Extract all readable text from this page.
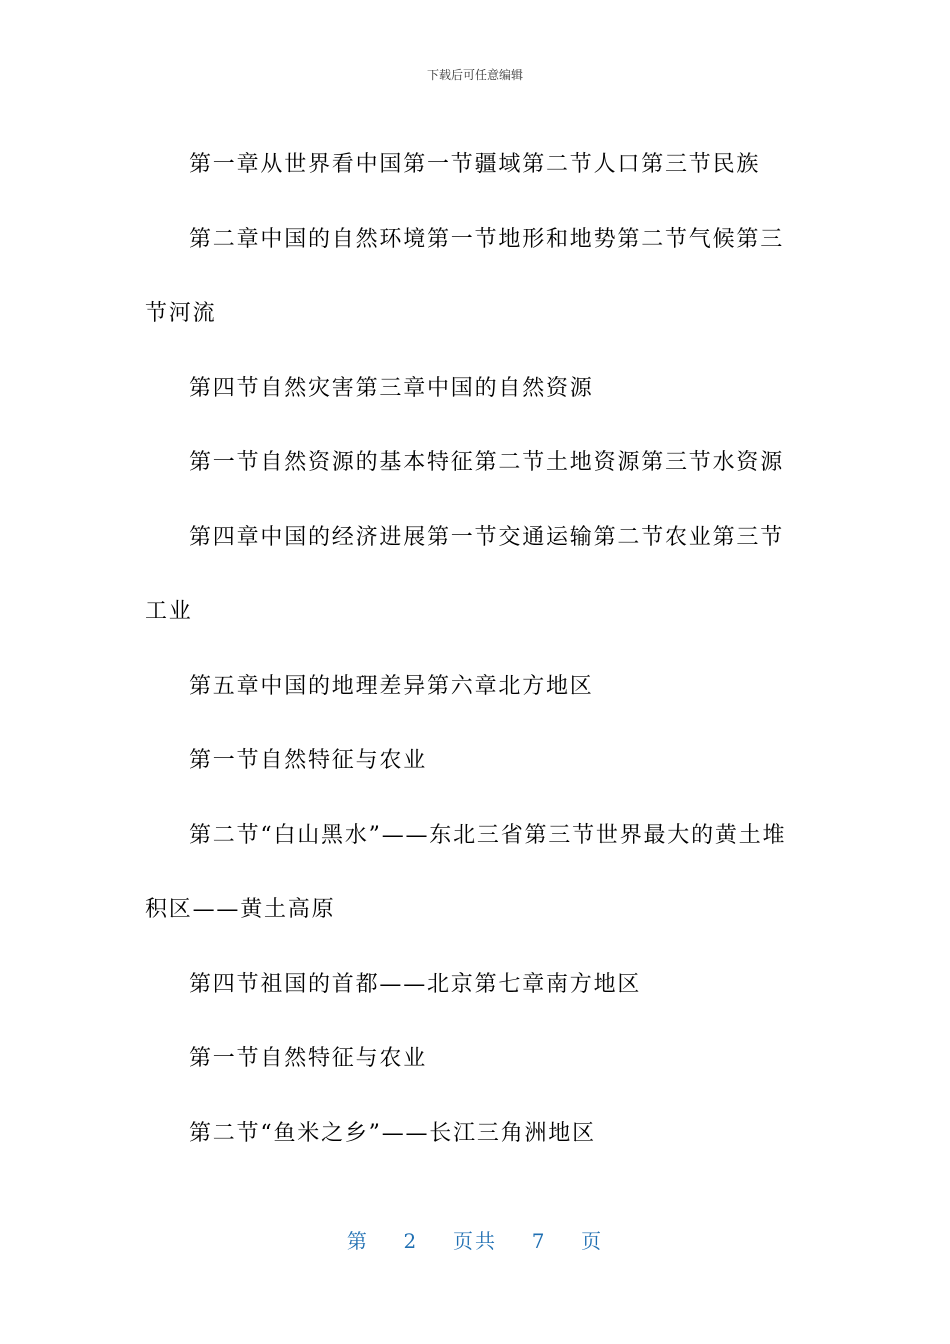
下载后可任意编辑

第一章从世界看中国第一节疆域第二节人口第三节民族

第二章中国的自然环境第一节地形和地势第二节气候第三节河流

第四节自然灾害第三章中国的自然资源

第一节自然资源的基本特征第二节土地资源第三节水资源

第四章中国的经济进展第一节交通运输第二节农业第三节工业

第五章中国的地理差异第六章北方地区

第一节自然特征与农业

第二节“白山黑水”——东北三省第三节世界最大的黄土堆积区——黄土高原

第四节祖国的首都——北京第七章南方地区

第一节自然特征与农业

第二节“鱼米之乡”——长江三角洲地区

第 2 页共 7 页
